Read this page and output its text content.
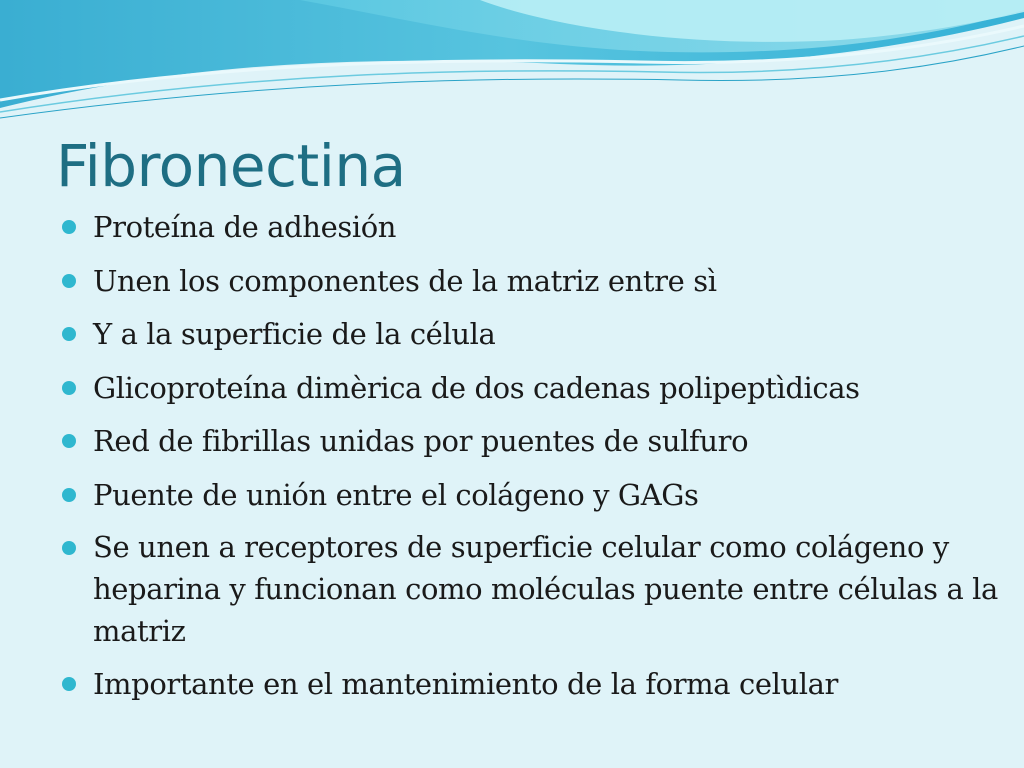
Fibronectina
Proteína de adhesión
Unen los componentes de la matriz entre sì
Y a la superficie de la célula
Glicoproteína dimèrica de dos cadenas polipeptìdicas
Red de fibrillas unidas por puentes de sulfuro
Puente de unión entre el colágeno y GAGs
Se unen a receptores de superficie celular como colágeno y heparina y funcionan como moléculas puente entre células a la matriz
Importante en el mantenimiento de la forma celular
